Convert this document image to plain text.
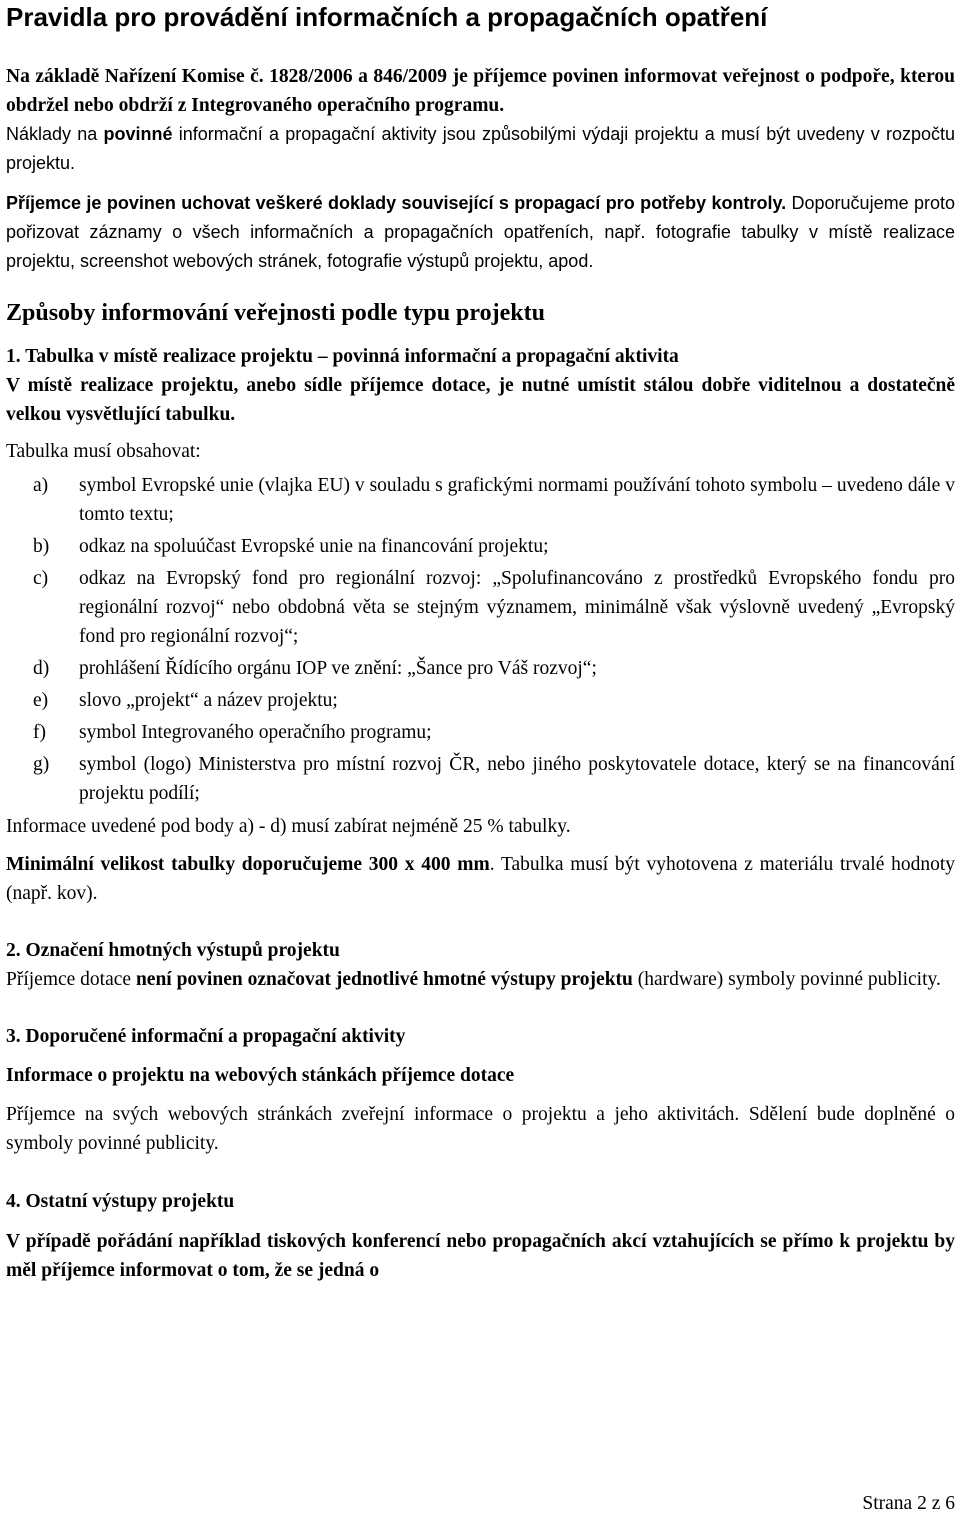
Pravidla pro provádění informačních a propagačních opatření

Na základě Nařízení Komise č. 1828/2006 a 846/2009 je příjemce povinen informovat veřejnost o podpoře, kterou obdržel nebo obdrží z Integrovaného operačního programu.

Náklady na povinné informační a propagační aktivity jsou způsobilými výdaji projektu a musí být uvedeny v rozpočtu projektu.

Příjemce je povinen uchovat veškeré doklady související s propagací pro potřeby kontroly. Doporučujeme proto pořizovat záznamy o všech informačních a propagačních opatřeních, např. fotografie tabulky v místě realizace projektu, screenshot webových stránek, fotografie výstupů projektu, apod.

Způsoby informování veřejnosti podle typu projektu

1. Tabulka v místě realizace projektu – povinná informační a propagační aktivita

V místě realizace projektu, anebo sídle příjemce dotace, je nutné umístit stálou dobře viditelnou a dostatečně velkou vysvětlující tabulku.

Tabulka musí obsahovat:

a)	symbol Evropské unie (vlajka EU) v souladu s grafickými normami používání tohoto symbolu – uvedeno dále v tomto textu;
b)	odkaz na spoluúčast Evropské unie na financování projektu;
c)	odkaz na Evropský fond pro regionální rozvoj: „Spolufinancováno z prostředků Evropského fondu pro regionální rozvoj“ nebo obdobná věta se stejným významem, minimálně však výslovně uvedený „Evropský fond pro regionální rozvoj“;
d)	prohlášení Řídícího orgánu IOP ve znění: „Šance pro Váš rozvoj“;
e)	slovo „projekt“ a název projektu;
f)	symbol Integrovaného operačního programu;
g)	symbol (logo) Ministerstva pro místní rozvoj ČR, nebo jiného poskytovatele dotace, který se na financování projektu podílí;

Informace uvedené pod body a) - d) musí zabírat nejméně 25 % tabulky.

Minimální velikost tabulky doporučujeme 300 x 400 mm. Tabulka musí být vyhotovena z materiálu trvalé hodnoty (např. kov).

2. Označení hmotných výstupů projektu

Příjemce dotace není povinen označovat jednotlivé hmotné výstupy projektu (hardware) symboly povinné publicity.

3. Doporučené informační a propagační aktivity

Informace o projektu na webových stánkách příjemce dotace

Příjemce na svých webových stránkách zveřejní informace o projektu a jeho aktivitách. Sdělení bude doplněné o symboly povinné publicity.

4. Ostatní výstupy projektu

V případě pořádání například tiskových konferencí nebo propagačních akcí vztahujících se přímo k projektu by měl příjemce informovat o tom, že se jedná o

Strana 2 z 6
